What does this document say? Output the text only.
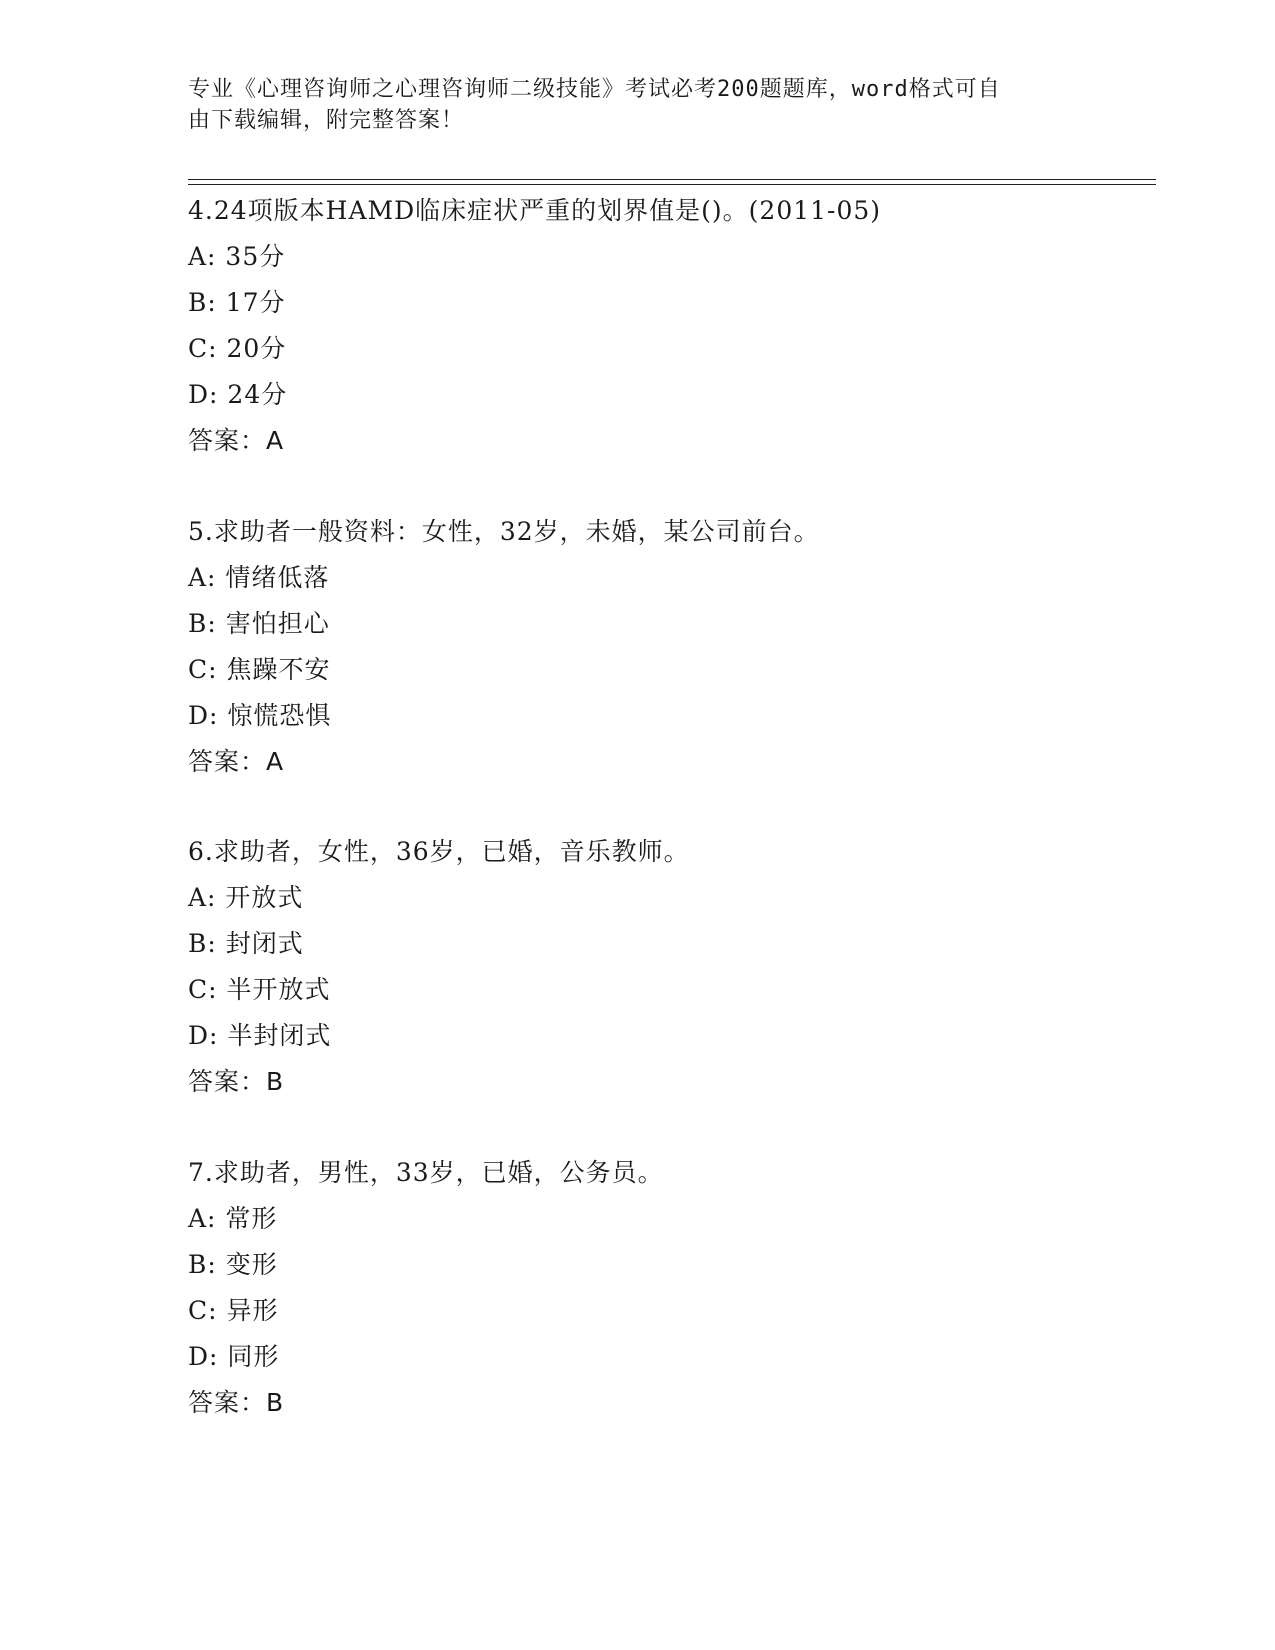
专业《心理咨询师之心理咨询师二级技能》考试必考200题题库，word格式可自
由下载编辑，附完整答案！
4.24项版本HAMD临床症状严重的划界值是()。(2011-05)
A: 35分
B: 17分
C: 20分
D: 24分
答案：A
5.求助者一般资料：女性，32岁，未婚，某公司前台。
A: 情绪低落
B: 害怕担心
C: 焦躁不安
D: 惊慌恐惧
答案：A
6.求助者，女性，36岁，已婚，音乐教师。
A: 开放式
B: 封闭式
C: 半开放式
D: 半封闭式
答案：B
7.求助者，男性，33岁，已婚，公务员。
A: 常形
B: 变形
C: 异形
D: 同形
答案：B
